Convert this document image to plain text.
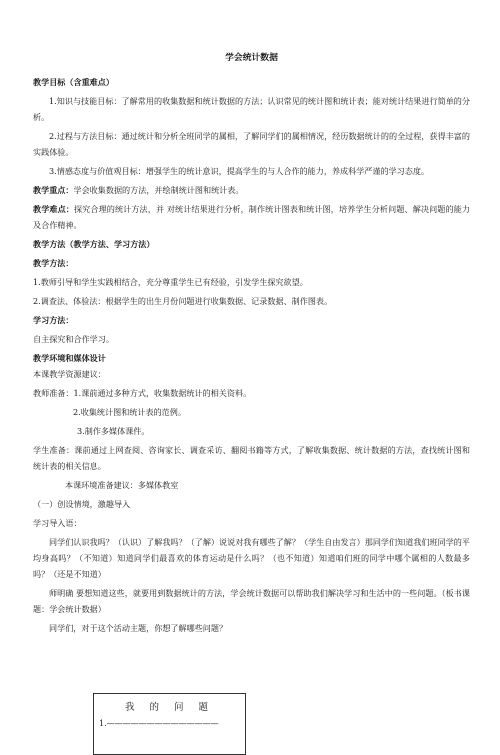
学会统计数据
教学目标（含重难点）
1.知识与技能目标：了解常用的收集数据和统计数据的方法；认识常见的统计图和统计表；能对统计结果进行简单的分析。
2.过程与方法目标：通过统计和分析全班同学的属相，了解同学们的属相情况，经历数据统计的的全过程，获得丰富的实践体验。
3.情感态度与价值观目标：增强学生的统计意识，提高学生的与人合作的能力，养成科学严谨的学习态度。
教学重点：学会收集数据的方法，并绘制统计图和统计表。
教学难点：探究合理的统计方法，并 对统计结果进行分析，制作统计图表和统计图，培养学生分析问题、解决问题的能力及合作精神。
教学方法（教学方法、学习方法）
教学方法：
1.教师引导和学生实践相结合，充分尊重学生已有经验，引发学生探究欲望。
2.调查法、体验法：根据学生的出生月份问题进行收集数据、记录数据、制作图表。
学习方法：
自主探究和合作学习。
教学环境和媒体设计
本课教学资源建议：
教师准备：1.课前通过多种方式，收集数据统计的相关资料。
2.收集统计图和统计表的范例。
3.制作多媒体课件。
学生准备：课前通过上网查阅、咨询家长、调查采访、翻阅书籍等方式，了解收集数据、统计数据的方法，查找统计图和统计表的相关信息。
本课环境准备建议：多媒体教室
（一）创设情境，激趣导入
学习导入语：
同学们认识我吗？（认识）了解我吗？（了解）说说对我有哪些了解？（学生自由发言）那同学们知道我们班同学的平均身高吗？（不知道）知道同学们最喜欢的体育运动是什么吗？（也不知道）知道咱们班的同学中哪个属相的人数最多吗？（还是不知道）
师明确 要想知道这些，就要用到数据统计的方法，学会统计数据可以帮助我们解决学习和生活中的一些问题。（板书课题：学会统计数据）
同学们，对于这个活动主题，你想了解哪些问题？
我 的 问 题
1.——————————————
